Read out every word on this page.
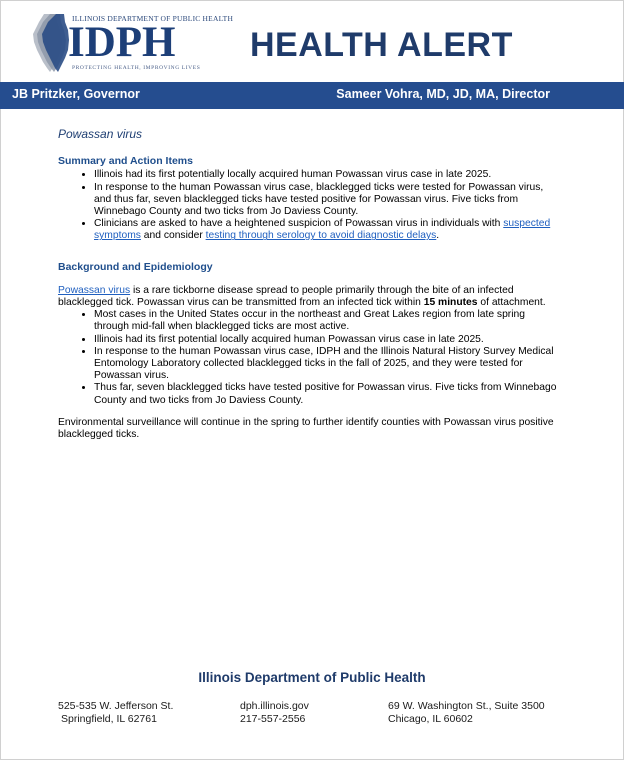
ILLINOIS DEPARTMENT OF PUBLIC HEALTH
IDPH
PROTECTING HEALTH, IMPROVING LIVES
HEALTH ALERT
JB Pritzker, Governor	Sameer Vohra, MD, JD, MA, Director
Powassan virus
Summary and Action Items
• Illinois had its first potentially locally acquired human Powassan virus case in late 2025.
• In response to the human Powassan virus case, blacklegged ticks were tested for Powassan virus, and thus far, seven blacklegged ticks have tested positive for Powassan virus. Five ticks from Winnebago County and two ticks from Jo Daviess County.
• Clinicians are asked to have a heightened suspicion of Powassan virus in individuals with suspected symptoms and consider testing through serology to avoid diagnostic delays.
Background and Epidemiology

Powassan virus is a rare tickborne disease spread to people primarily through the bite of an infected blacklegged tick. Powassan virus can be transmitted from an infected tick within 15 minutes of attachment.

• Most cases in the United States occur in the northeast and Great Lakes region from late spring through mid-fall when blacklegged ticks are most active.
• Illinois had its first potential locally acquired human Powassan virus case in late 2025.
• In response to the human Powassan virus case, IDPH and the Illinois Natural History Survey Medical Entomology Laboratory collected blacklegged ticks in the fall of 2025, and they were tested for Powassan virus.
• Thus far, seven blacklegged ticks have tested positive for Powassan virus. Five ticks from Winnebago County and two ticks from Jo Daviess County.

Environmental surveillance will continue in the spring to further identify counties with Powassan virus positive blacklegged ticks.

Illinois Department of Public Health
525-535 W. Jefferson St.
Springfield, IL 62761
dph.illinois.gov
217-557-2556
69 W. Washington St., Suite 3500
Chicago, IL 60602
